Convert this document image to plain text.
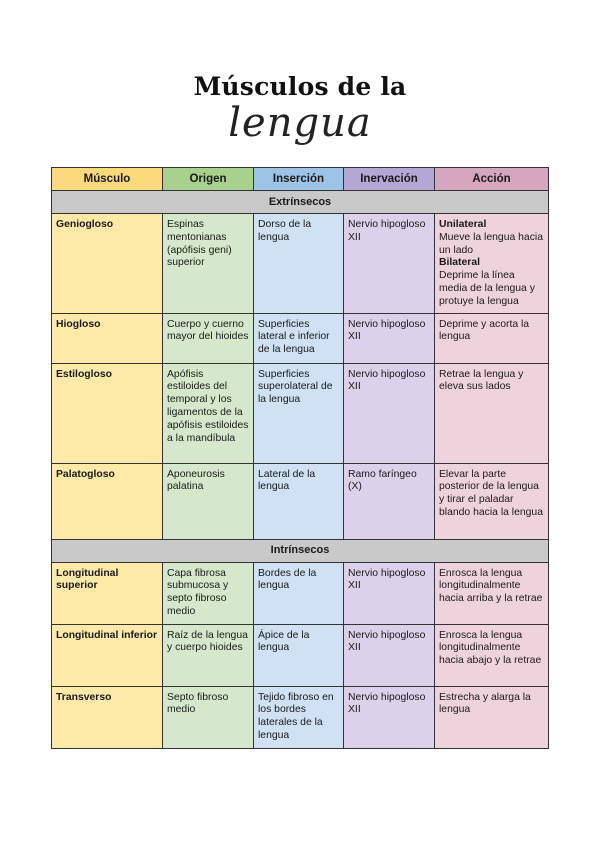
Músculos de la
lengua
Músculo	Origen	Inserción	Inervación	Acción
Extrínsecos				
Geniogloso	Espinas mentonianas (apófisis geni) superior	Dorso de la lengua	Nervio hipogloso XII	Unilateral
Mueve la lengua hacia un lado
Bilateral
Deprime la línea media de la lengua y protuye la lengua

Hiogloso	Cuerpo y cuerno mayor del hioides	Superficies lateral e inferior de la lengua	Nervio hipogloso XII	Deprime y acorta la lengua
Estilogloso	Apófisis estiloides del temporal y los ligamentos de la apófisis estiloides a la mandíbula	Superficies superolateral de la lengua	Nervio hipogloso XII	Retrae la lengua y eleva sus lados
Palatogloso	Aponeurosis palatina	Lateral de la lengua	Ramo faríngeo (X)	Elevar la parte posterior de la lengua y tirar el paladar blando hacia la lengua
Intrínsecos				
Longitudinal superior	Capa fibrosa submucosa y septo fibroso medio	Bordes de la lengua	Nervio hipogloso XII	Enrosca la lengua longitudinalmente hacia arriba y la retrae
Longitudinal inferior	Raíz de la lengua y cuerpo hioides	Ápice de la lengua	Nervio hipogloso XII	Enrosca la lengua longitudinalmente hacia abajo y la retrae
Transverso	Septo fibroso medio	Tejido fibroso en los bordes laterales de la lengua	Nervio hipogloso XII	Estrecha y alarga la lengua
